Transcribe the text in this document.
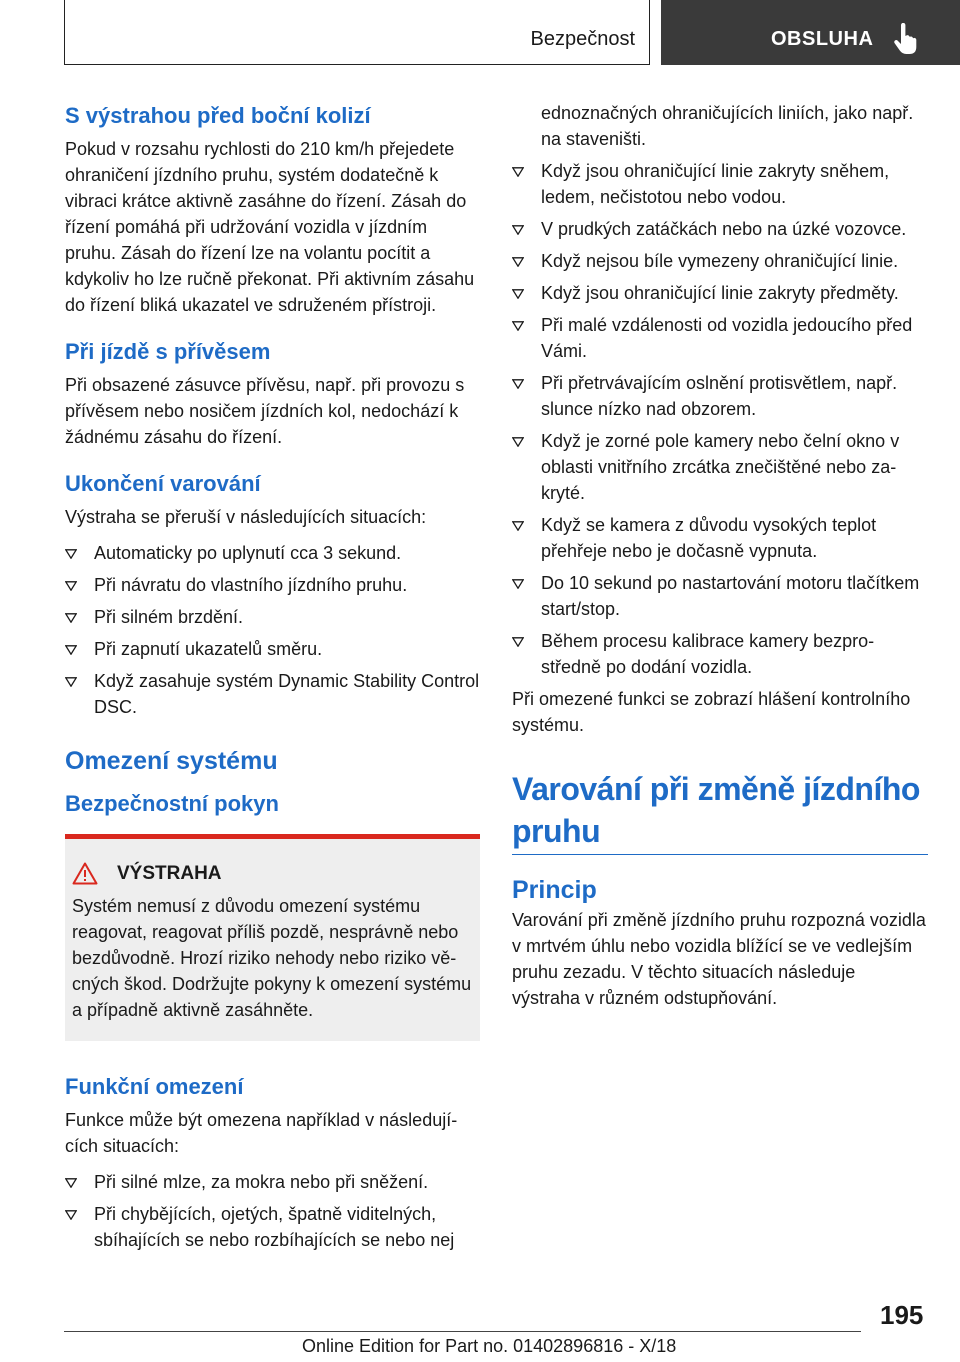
Bezpečnost	OBSLUHA
S výstrahou před boční kolizí

Pokud v rozsahu rychlosti do 210 km/h přejedete ohraničení jízdního pruhu, systém dodatečně k vibraci krátce aktivně zasáhne do řízení. Zásah do řízení pomáhá při udržování vozidla v jízdním pruhu. Zásah do řízení lze na volantu pocítit a kdykoliv ho lze ručně překonat. Při aktivním zásahu do řízení bliká ukazatel ve sdruženém přístroji.

Při jízdě s přívěsem

Při obsazené zásuvce přívěsu, např. při provozu s přívěsem nebo nosičem jízdních kol, nedochází k žádnému zásahu do řízení.

Ukončení varování

Výstraha se přeruší v následujících situacích:

Automaticky po uplynutí cca 3 sekund.
Při návratu do vlastního jízdního pruhu.
Při silném brzdění.
Při zapnutí ukazatelů směru.
Když zasahuje systém Dynamic Stability Control DSC.
Omezení systému
Bezpečnostní pokyn
VÝSTRAHA

Systém nemusí z důvodu omezení systému reagovat, reagovat příliš pozdě, nesprávně nebo bezdůvodně. Hrozí riziko nehody nebo riziko věcných škod. Dodržujte pokyny k omezení systému a případně aktivně zasáhněte.

Funkční omezení

Funkce může být omezena například v následujících situacích:

Při silné mlze, za mokra nebo při sněžení.
Při chybějících, ojetých, špatně viditelných, sbíhajících se nebo rozbíhajících se nebo nej
ednoznačných ohraničujících liniích, jako např. na staveništi.
Když jsou ohraničující linie zakryty sněhem, ledem, nečistotou nebo vodou.
V prudkých zatáčkách nebo na úzké vozovce.
Když nejsou bíle vymezeny ohraničující linie.
Když jsou ohraničující linie zakryty předměty.
Při malé vzdálenosti od vozidla jedoucího před Vámi.
Při přetrvávajícím oslnění protisvětlem, např. slunce nízko nad obzorem.
Když je zorné pole kamery nebo čelní okno v oblasti vnitřního zrcátka znečištěné nebo zakryté.
Když se kamera z důvodu vysokých teplot přehřeje nebo je dočasně vypnuta.
Do 10 sekund po nastartování motoru tlačítkem start/stop.
Během procesu kalibrace kamery bezprostředně po dodání vozidla.

Při omezené funkci se zobrazí hlášení kontrolního systému.

Varování při změně jízdního pruhu
Princip

Varování při změně jízdního pruhu rozpozná vozidla v mrtvém úhlu nebo vozidla blížící se ve vedlejším pruhu zezadu. V těchto situacích následuje výstraha v různém odstupňování.

195
Online Edition for Part no. 01402896816 - X/18
